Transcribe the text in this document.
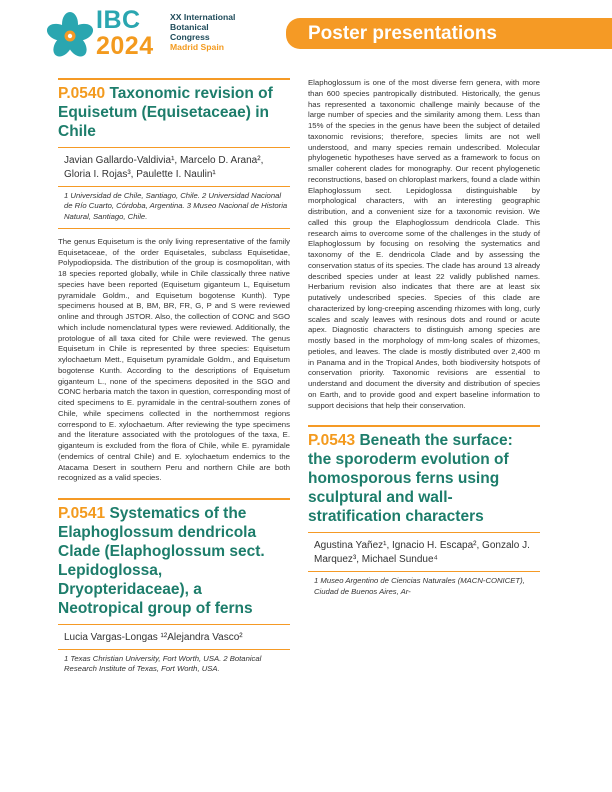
IBC
2024
XX International
Botanical
Congress
Madrid Spain
Poster presentations
P.0540 Taxonomic revision of Equisetum (Equisetaceae) in Chile
Javian Gallardo-Valdivia¹, Marcelo D. Arana², Gloria I. Rojas³, Paulette I. Naulin¹
1 Universidad de Chile, Santiago, Chile. 2 Universidad Nacional de Río Cuarto, Córdoba, Argentina. 3 Museo Nacional de Historia Natural, Santiago, Chile.
The genus Equisetum is the only living representative of the family Equisetaceae, of the order Equisetales, subclass Equisetidae, Polypodiopsida. The distribution of the group is cosmopolitan, with 18 species reported globally, while in Chile classically three native species have been reported (Equisetum giganteum L, Equisetum pyramidale Goldm., and Equisetum bogotense Kunth). Type specimens housed at B, BM, BR, FR, G, P and S were reviewed online and through JSTOR. Also, the collection of CONC and SGO which include nomenclatural types were reviewed. Additionally, the protologue of all taxa cited for Chile were reviewed. The genus Equisetum in Chile is represented by three species: Equisetum xylochaetum Mett., Equisetum pyramidale Goldm., and Equisetum bogotense Kunth. According to the descriptions of Equisetum giganteum L., none of the specimens deposited in the SGO and CONC herbaria match the taxon in question, corresponding most of cited specimens to E. pyramidale in the central-southern zones of Chile, while specimens collected in the northernmost regions correspond to E. xylochaetum. After reviewing the type specimens and the literature associated with the protologues of the taxa, E. giganteum is excluded from the flora of Chile, while E. pyramidale (endemics of central Chile) and E. xylochaetum endemics to the Atacama Desert in southern Peru and northern Chile are both recognized as a valid species.
P.0541 Systematics of the Elaphoglossum dendricola Clade (Elaphoglossum sect. Lepidoglossa, Dryopteridaceae), a Neotropical group of ferns
Lucia Vargas-Longas ¹²Alejandra Vasco²
1 Texas Christian University, Fort Worth, USA. 2 Botanical Research Institute of Texas, Fort Worth, USA.
Elaphoglossum is one of the most diverse fern genera, with more than 600 species pantropically distributed. Historically, the genus has represented a taxonomic challenge mainly because of the large number of species and the similarity among them. Less than 15% of the species in the genus have been the subject of detailed taxonomic revisions; therefore, species limits are not well understood, and many species remain undescribed. Molecular phylogenetic hypotheses have served as a framework to focus on smaller coherent clades for monography. Our recent phylogenetic reconstructions, based on chloroplast markers, found a clade within Elaphoglossum sect. Lepidoglossa distinguishable by morphological characters, with an interesting geographic distribution, and a convenient size for a taxonomic revision. We called this group the Elaphoglossum dendricola Clade. This research aims to overcome some of the challenges in the study of Elaphoglossum by focusing on resolving the systematics and taxonomy of the E. dendricola Clade and by assessing the conservation status of its species. The clade has around 13 already described species under at least 22 validly published names. Herbarium revision also indicates that there are at least six putatively undescribed species. Species of this clade are characterized by long-creeping ascending rhizomes with long, curly scales and scaly leaves with resinous dots and round or acute apex. Diagnostic characters to distinguish among species are mostly based in the morphology of mm-long scales of rhizomes, petioles, and leaves. The clade is mostly distributed over 2,400 m in Panama and in the Tropical Andes, both biodiversity hotspots of conservation priority. Taxonomic revisions are essential to understand and document the diversity and distribution of species on Earth, and to provide good and expert baseline information to support decisions that help their conservation.
P.0543 Beneath the surface: the sporoderm evolution of homosporous ferns using sculptural and wall-stratification characters
Agustina Yañez¹, Ignacio H. Escapa², Gonzalo J. Marquez³, Michael Sundue⁴
1 Museo Argentino de Ciencias Naturales (MACN-CONICET), Ciudad de Buenos Aires, Ar-
